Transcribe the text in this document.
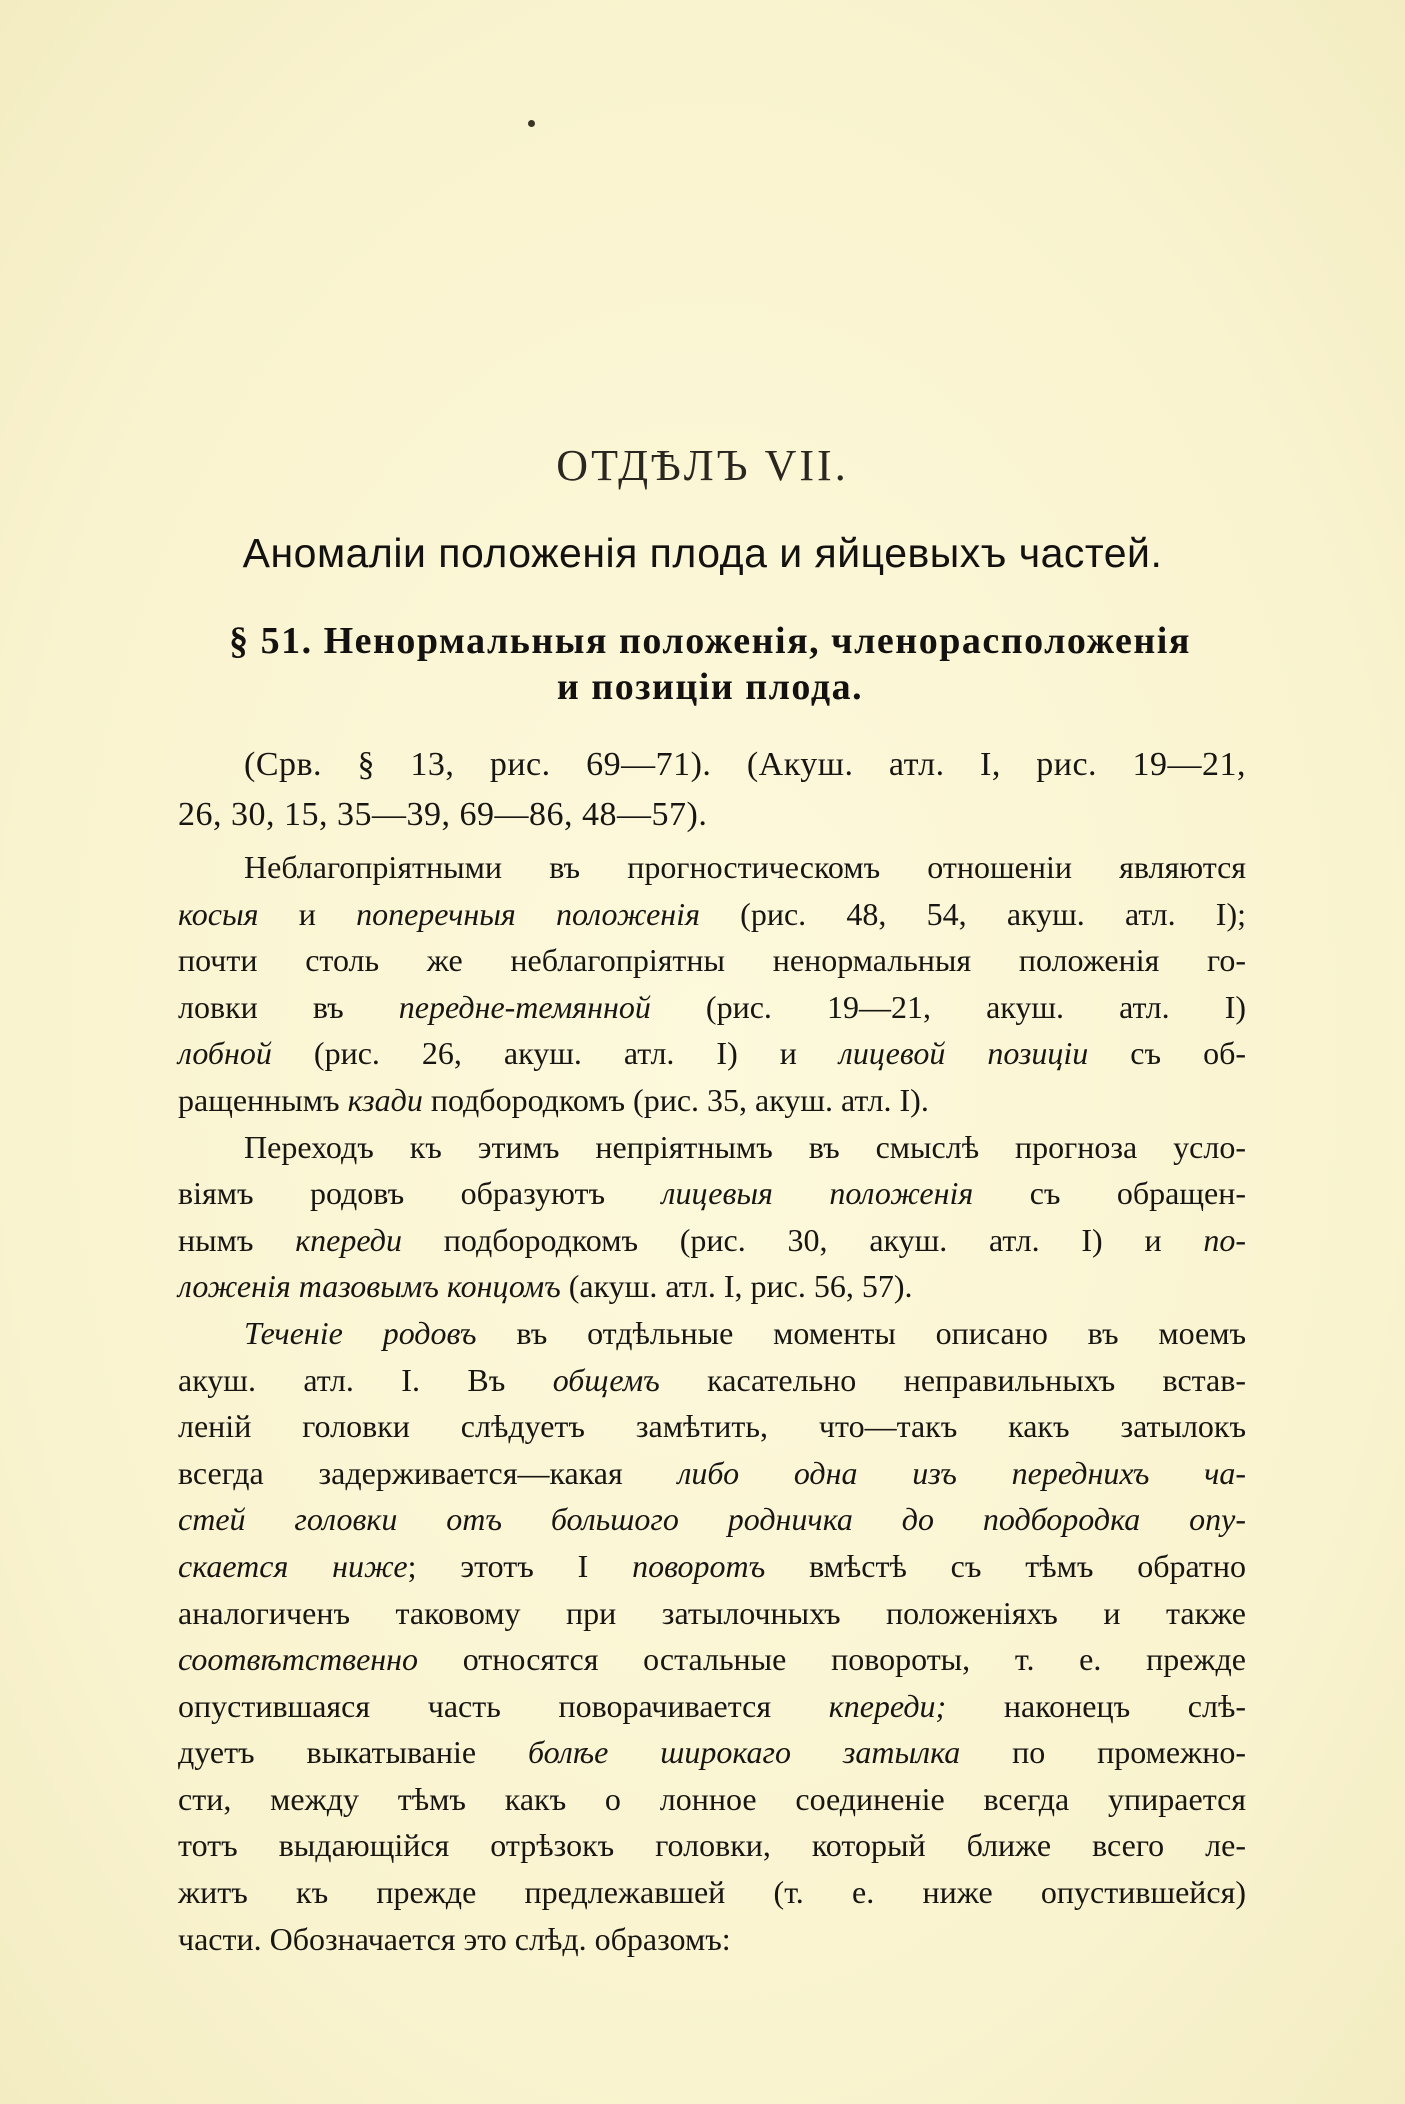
ОТДѢЛЪ VII.
Аномаліи положенія плода и яйцевыхъ частей.
§ 51. Ненормальныя положенія, членорасположенія
и позиціи плода.
(Срв. § 13, рис. 69—71). (Акуш. атл. I, рис. 19—21,
26, 30, 15, 35—39, 69—86, 48—57).
Неблагопріятными въ прогностическомъ отношеніи являются
косыя и поперечныя положенія (рис. 48, 54, акуш. атл. I);
почти столь же неблагопріятны ненормальныя положенія го-
ловки въ передне-темянной (рис. 19—21, акуш. атл. I)
лобной (рис. 26, акуш. атл. I) и лицевой позиціи съ об-
ращеннымъ кзади подбородкомъ (рис. 35, акуш. атл. I).
Переходъ къ этимъ непріятнымъ въ смыслѣ прогноза усло-
віямъ родовъ образуютъ лицевыя положенія съ обращен-
нымъ кпереди подбородкомъ (рис. 30, акуш. атл. I) и по-
ложенія тазовымъ концомъ (акуш. атл. I, рис. 56, 57).
Теченіе родовъ въ отдѣльные моменты описано въ моемъ
акуш. атл. I. Въ общемъ касательно неправильныхъ встав-
леній головки слѣдуетъ замѣтить, что—такъ какъ затылокъ
всегда задерживается—какая либо одна изъ переднихъ ча-
стей головки отъ большого родничка до подбородка опу-
скается ниже; этотъ I поворотъ вмѣстѣ съ тѣмъ обратно
аналогиченъ таковому при затылочныхъ положеніяхъ и также
соотвѣтственно относятся остальные повороты, т. е. прежде
опустившаяся часть поворачивается кпереди; наконецъ слѣ-
дуетъ выкатываніе болѣе широкаго затылка по промежно-
сти, между тѣмъ какъ о лонное соединеніе всегда упирается
тотъ выдающійся отрѣзокъ головки, который ближе всего ле-
житъ къ прежде предлежавшей (т. е. ниже опустившейся)
части. Обозначается это слѣд. образомъ:
